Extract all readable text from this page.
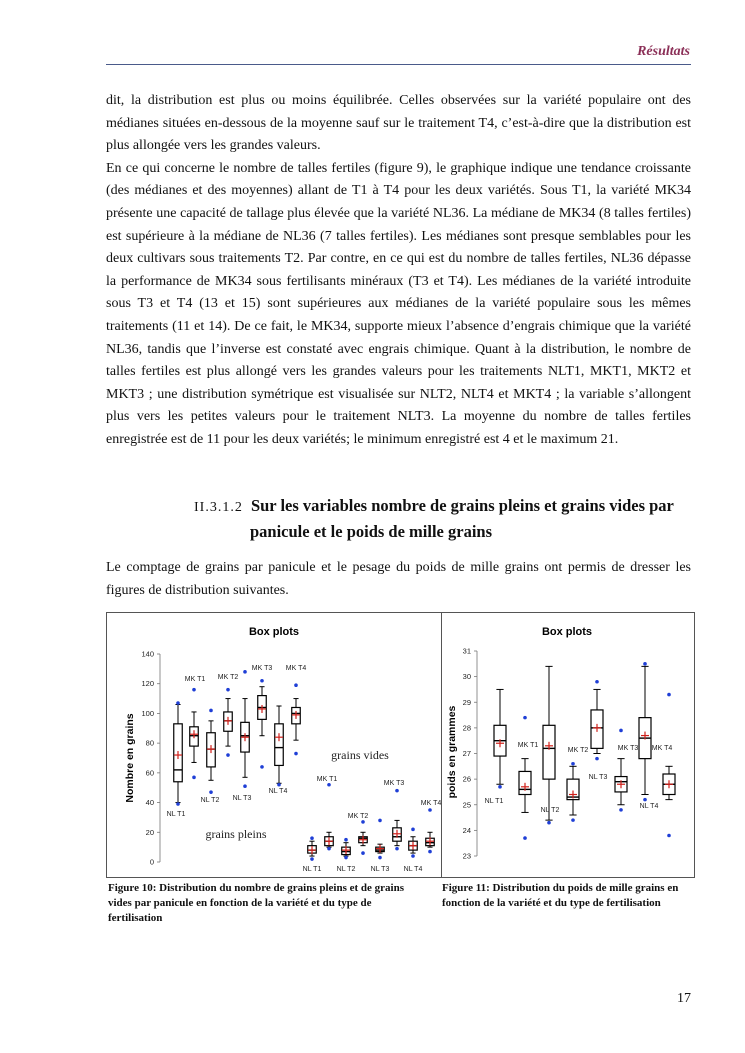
Résultats

dit, la distribution est plus ou moins équilibrée. Celles observées sur la variété populaire ont des médianes situées en-dessous de la moyenne sauf sur le traitement T4, c’est-à-dire que la distribution est plus allongée vers les grandes valeurs.

En ce qui concerne le nombre de talles fertiles (figure 9), le graphique indique une tendance croissante (des médianes et des moyennes) allant de T1 à T4 pour les deux variétés. Sous T1, la variété MK34 présente une capacité de tallage plus élevée que la variété NL36. La médiane de MK34 (8 talles fertiles) est supérieure à la médiane de NL36 (7 talles fertiles). Les médianes sont presque semblables pour les deux cultivars sous traitements T2. Par contre, en ce qui est du nombre de talles fertiles, NL36 dépasse la performance de MK34 sous fertilisants minéraux (T3 et T4). Les médianes de la variété introduite sous T3 et T4 (13 et 15) sont supérieures aux médianes de la variété populaire sous les mêmes traitements (11 et 14). De ce fait, le MK34, supporte mieux l’absence d’engrais chimique que la variété NL36, tandis que l’inverse est constaté avec engrais chimique. Quant à la distribution, le nombre de talles fertiles est plus allongé vers les grandes valeurs pour les traitements NLT1, MKT1, MKT2 et MKT3 ; une distribution symétrique est visualisée sur NLT2, NLT4 et MKT4 ; la variable s’allongent plus vers les petites valeurs pour le traitement NLT3. La moyenne du nombre de talles fertiles enregistrée est de 11 pour les deux variétés; le minimum enregistré est 4 et le maximum 21.

II.3.1.2 Sur les variables nombre de grains pleins et grains vides par
panicule et le poids de mille grains
Le comptage de grains par panicule et le pesage du poids de mille grains ont permis de dresser les figures de distribution suivantes.
Box plots
0
20
40
60
80
100
120
140
Nombre en grains
NL T1
MK T1
NL T2
MK T2
NL T3
MK T3
NL T4
MK T4
NL T1
MK T1
NL T2
MK T2
NL T3
MK T3
NL T4
MK T4
grains pleins
grains vides
Box plots
23
24
25
26
27
28
29
30
31
poids en grammes
NL T1
MK T1
NL T2
MK T2
NL T3
MK T3
NL T4
MK T4
Figure 10: Distribution du nombre de grains pleins et de grains vides par panicule en fonction de la variété et du type de fertilisation
Figure 11: Distribution du poids de mille grains en fonction de la variété et du type de fertilisation
17
